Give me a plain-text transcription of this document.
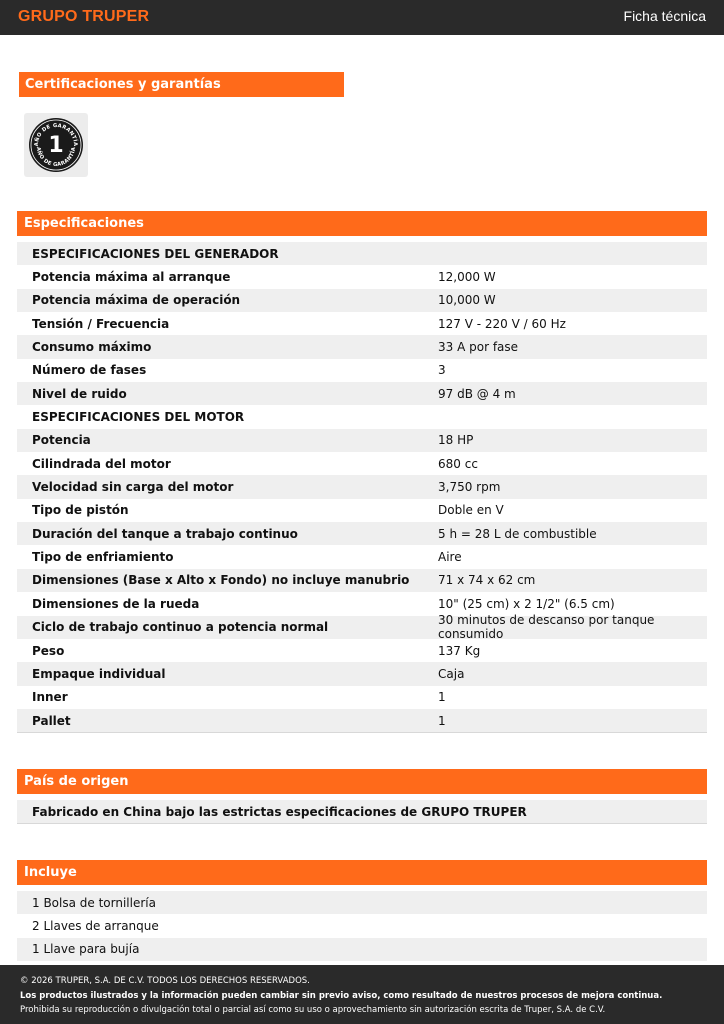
GRUPO TRUPER	Ficha técnica
Certificaciones y garantías
AÑO DE GARANTÍA
AÑO DE GARANTÍA
1
Especificaciones
ESPECIFICACIONES DEL GENERADOR
Potencia máxima al arranque	12,000 W
Potencia máxima de operación	10,000 W
Tensión / Frecuencia	127 V - 220 V / 60 Hz
Consumo máximo	33 A por fase
Número de fases	3
Nivel de ruido	97 dB @ 4 m
ESPECIFICACIONES DEL MOTOR
Potencia	18 HP
Cilindrada del motor	680 cc
Velocidad sin carga del motor	3,750 rpm
Tipo de pistón	Doble en V
Duración del tanque a trabajo continuo	5 h = 28 L de combustible
Tipo de enfriamiento	Aire
Dimensiones (Base x Alto x Fondo) no incluye manubrio	71 x 74 x 62 cm
Dimensiones de la rueda	10" (25 cm) x 2 1/2" (6.5 cm)
Ciclo de trabajo continuo a potencia normal	30 minutos de descanso por tanque consumido
Peso	137 Kg
Empaque individual	Caja
Inner	1
Pallet	1
País de origen
Fabricado en China bajo las estrictas especificaciones de GRUPO TRUPER
Incluye
1 Bolsa de tornillería
2 Llaves de arranque
1 Llave para bujía
© 2026 TRUPER, S.A. DE C.V. TODOS LOS DERECHOS RESERVADOS.
Los productos ilustrados y la información pueden cambiar sin previo aviso, como resultado de nuestros procesos de mejora continua.
Prohibida su reproducción o divulgación total o parcial así como su uso o aprovechamiento sin autorización escrita de Truper, S.A. de C.V.
